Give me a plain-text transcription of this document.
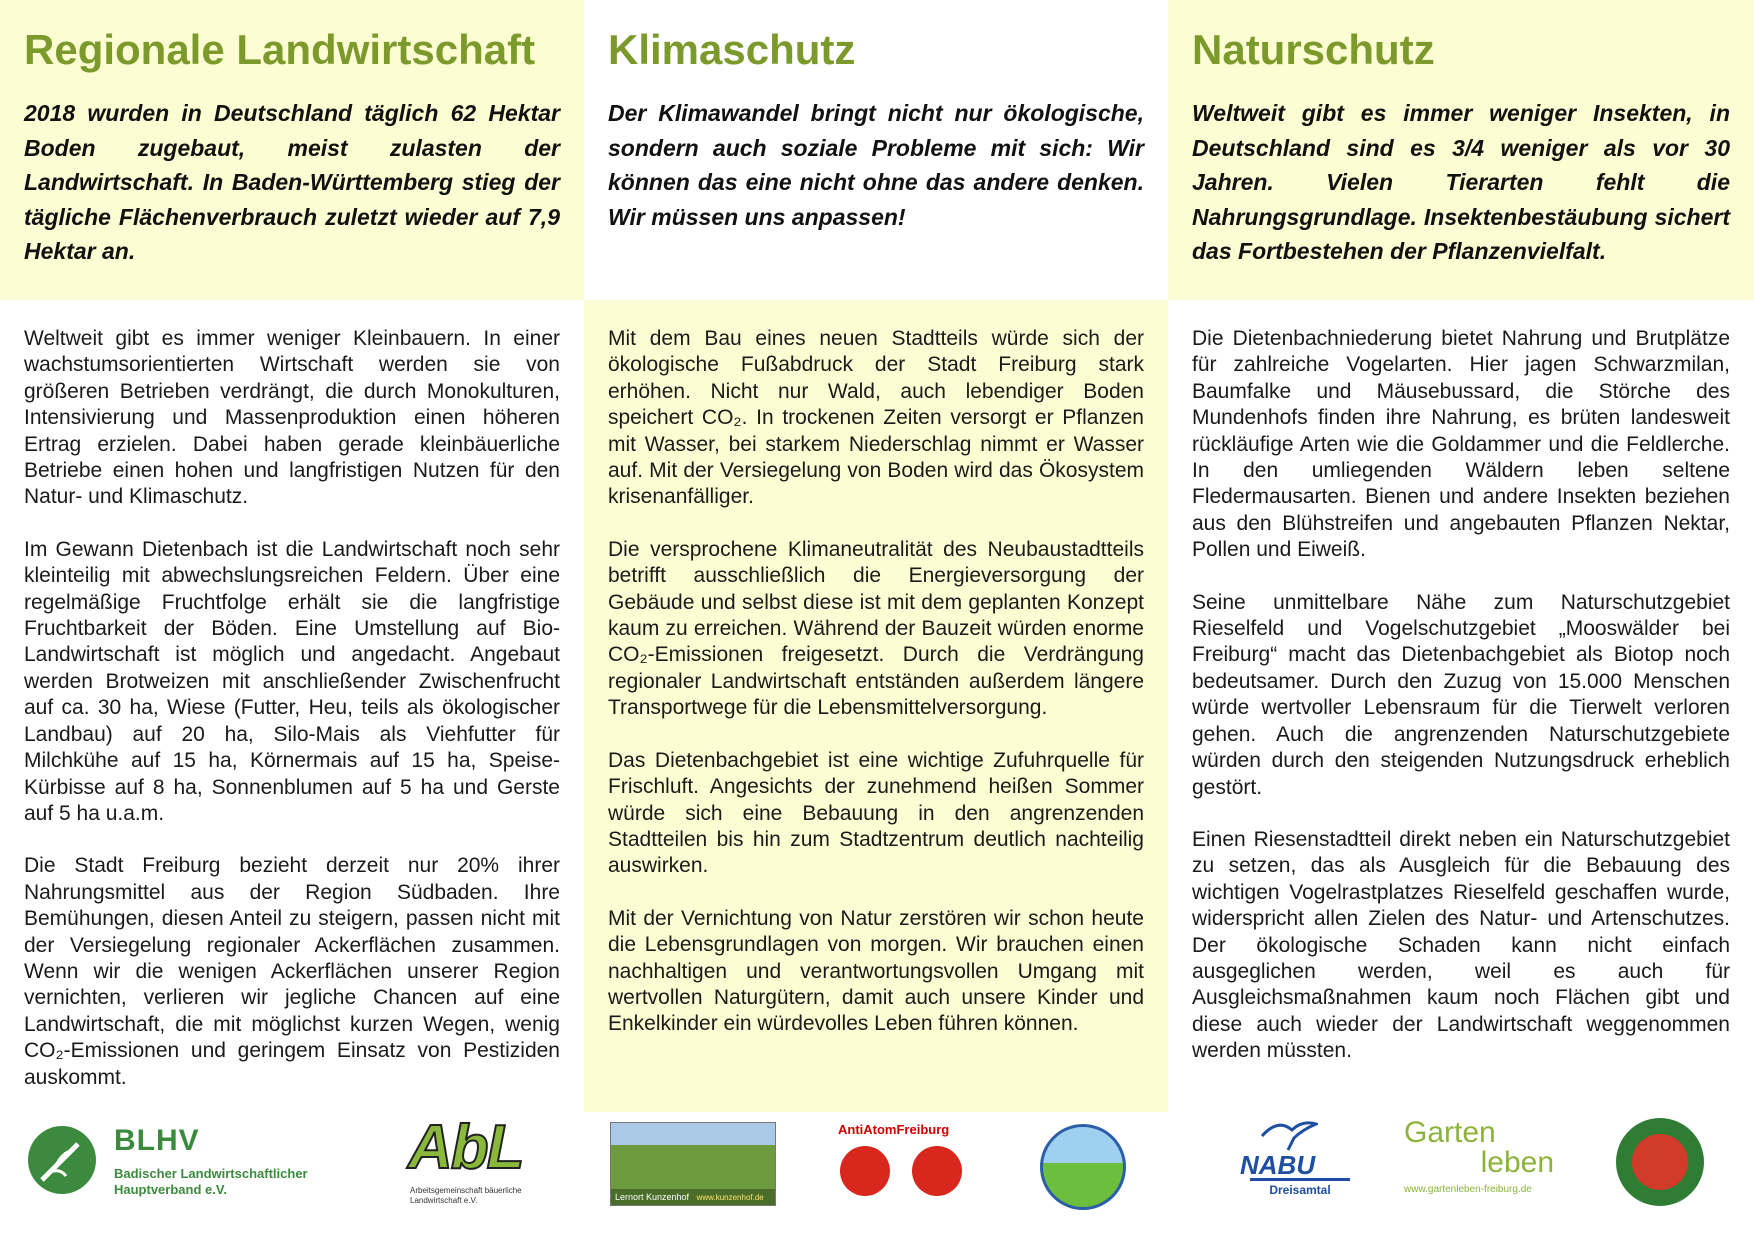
Regionale Landwirtschaft

2018 wurden in Deutschland täglich 62 Hektar Boden zugebaut, meist zulasten der Landwirtschaft. In Baden-Württemberg stieg der tägliche Flächenverbrauch zuletzt wieder auf 7,9 Hektar an.

Weltweit gibt es immer weniger Kleinbauern. In einer wachstumsorientierten Wirtschaft werden sie von größeren Betrieben verdrängt, die durch Monokulturen, Intensivierung und Massenproduktion einen höheren Ertrag erzielen. Dabei haben gerade kleinbäuerliche Betriebe einen hohen und langfristigen Nutzen für den Natur- und Klimaschutz.

Im Gewann Dietenbach ist die Landwirtschaft noch sehr kleinteilig mit abwechslungsreichen Feldern. Über eine regelmäßige Fruchtfolge erhält sie die langfristige Fruchtbarkeit der Böden. Eine Umstellung auf Bio-Landwirtschaft ist möglich und angedacht. Angebaut werden Brotweizen mit anschließender Zwischenfrucht auf ca. 30 ha, Wiese (Futter, Heu, teils als ökologischer Landbau) auf 20 ha, Silo-Mais als Viehfutter für Milchkühe auf 15 ha, Körnermais auf 15 ha, Speise-Kürbisse auf 8 ha, Sonnenblumen auf 5 ha und Gerste auf 5 ha u.a.m.

Die Stadt Freiburg bezieht derzeit nur 20% ihrer Nahrungsmittel aus der Region Südbaden. Ihre Bemühungen, diesen Anteil zu steigern, passen nicht mit der Versiegelung regionaler Ackerflächen zusammen. Wenn wir die wenigen Ackerflächen unserer Region vernichten, verlieren wir jegliche Chancen auf eine Landwirtschaft, die mit möglichst kurzen Wegen, wenig CO₂-Emissionen und geringem Einsatz von Pestiziden auskommt.

Klimaschutz

Der Klimawandel bringt nicht nur ökologische, sondern auch soziale Probleme mit sich: Wir können das eine nicht ohne das andere denken. Wir müssen uns anpassen!

Mit dem Bau eines neuen Stadtteils würde sich der ökologische Fußabdruck der Stadt Freiburg stark erhöhen. Nicht nur Wald, auch lebendiger Boden speichert CO₂. In trockenen Zeiten versorgt er Pflanzen mit Wasser, bei starkem Niederschlag nimmt er Wasser auf. Mit der Versiegelung von Boden wird das Ökosystem krisenanfälliger.

Die versprochene Klimaneutralität des Neubaustadtteils betrifft ausschließlich die Energieversorgung der Gebäude und selbst diese ist mit dem geplanten Konzept kaum zu erreichen. Während der Bauzeit würden enorme CO₂-Emissionen freigesetzt. Durch die Verdrängung regionaler Landwirtschaft entständen außerdem längere Transportwege für die Lebensmittelversorgung.

Das Dietenbachgebiet ist eine wichtige Zufuhrquelle für Frischluft. Angesichts der zunehmend heißen Sommer würde sich eine Bebauung in den angrenzenden Stadtteilen bis hin zum Stadtzentrum deutlich nachteilig auswirken.

Mit der Vernichtung von Natur zerstören wir schon heute die Lebensgrundlagen von morgen. Wir brauchen einen nachhaltigen und verantwortungsvollen Umgang mit wertvollen Naturgütern, damit auch unsere Kinder und Enkelkinder ein würdevolles Leben führen können.

Naturschutz

Weltweit gibt es immer weniger Insekten, in Deutschland sind es 3/4 weniger als vor 30 Jahren. Vielen Tierarten fehlt die Nahrungsgrundlage. Insektenbestäubung sichert das Fortbestehen der Pflanzenvielfalt.

Die Dietenbachniederung bietet Nahrung und Brutplätze für zahlreiche Vogelarten. Hier jagen Schwarzmilan, Baumfalke und Mäusebussard, die Störche des Mundenhofs finden ihre Nahrung, es brüten landesweit rückläufige Arten wie die Goldammer und die Feldlerche. In den umliegenden Wäldern leben seltene Fledermausarten. Bienen und andere Insekten beziehen aus den Blühstreifen und angebauten Pflanzen Nektar, Pollen und Eiweiß.

Seine unmittelbare Nähe zum Naturschutzgebiet Rieselfeld und Vogelschutzgebiet „Mooswälder bei Freiburg“ macht das Dietenbachgebiet als Biotop noch bedeutsamer. Durch den Zuzug von 15.000 Menschen würde wertvoller Lebensraum für die Tierwelt verloren gehen. Auch die angrenzenden Naturschutzgebiete würden durch den steigenden Nutzungsdruck erheblich gestört.

Einen Riesenstadtteil direkt neben ein Naturschutzgebiet zu setzen, das als Ausgleich für die Bebauung des wichtigen Vogelrastplatzes Rieselfeld geschaffen wurde, widerspricht allen Zielen des Natur- und Artenschutzes. Der ökologische Schaden kann nicht einfach ausgeglichen werden, weil es auch für Ausgleichsmaßnahmen kaum noch Flächen gibt und diese auch wieder der Landwirtschaft weggenommen werden müssten.

BLHV
Badischer Landwirtschaftlicher Hauptverband e.V.
AbL
Arbeitsgemeinschaft bäuerliche Landwirtschaft e.V.	Lernort Kunzenhof www.kunzenhof.de
AntiAtomFreiburg
NABU
Dreisamtal
Garten
leben
www.gartenleben-freiburg.de
